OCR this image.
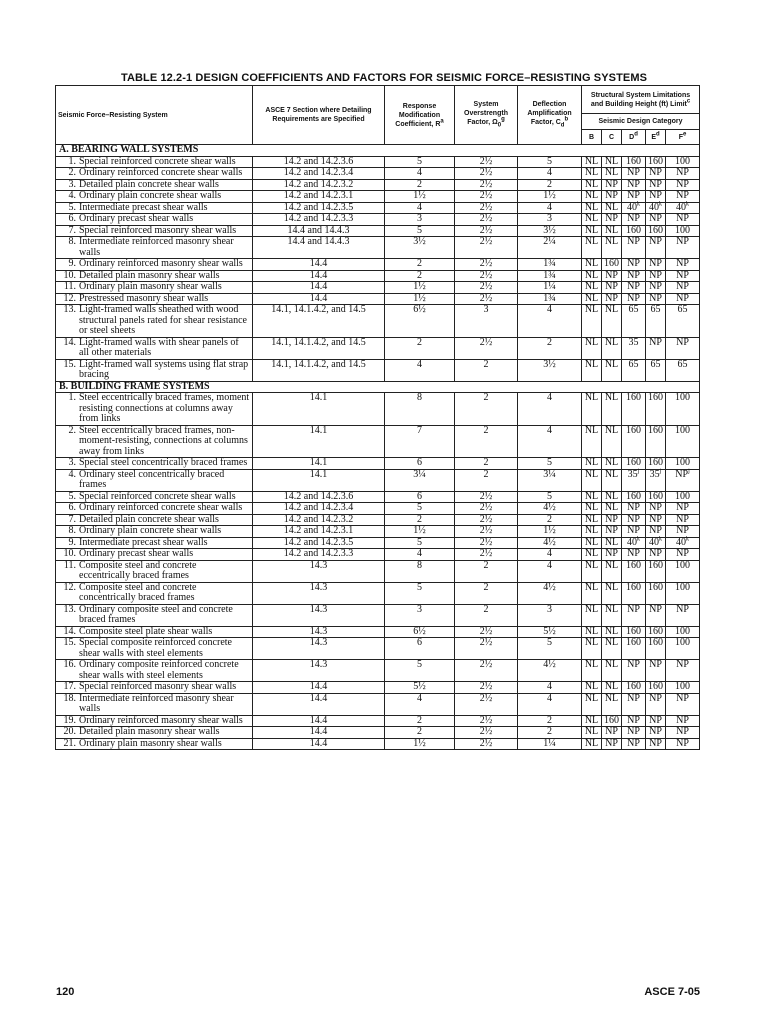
TABLE 12.2-1 DESIGN COEFFICIENTS AND FACTORS FOR SEISMIC FORCE–RESISTING SYSTEMS
Seismic Force–Resisting System	ASCE 7 Section where Detailing Requirements are Specified	Response Modification Coefficient, $R^a$	System Overstrength Factor, $\Omega_0^g$	Deflection Amplification Factor, $C_d^b$	Structural System Limitations and Building Height (ft) Limit$^c$
					Seismic Design Category				
					B	C	$D^d$	$E^d$	$F^e$
A. BEARING WALL SYSTEMS									

1. Special reinforced concrete shear walls	14.2 and 14.2.3.6	5	2½	5	NL	NL	160	160	100

2. Ordinary reinforced concrete shear walls	14.2 and 14.2.3.4	4	2½	4	NL	NL	NP	NP	NP

3. Detailed plain concrete shear walls	14.2 and 14.2.3.2	2	2½	2	NL	NP	NP	NP	NP

4. Ordinary plain concrete shear walls	14.2 and 14.2.3.1	1½	2½	1½	NL	NP	NP	NP	NP

5. Intermediate precast shear walls	14.2 and 14.2.3.5	4	2½	4	NL	NL	40$^k$	40$^k$	40$^k$

6. Ordinary precast shear walls	14.2 and 14.2.3.3	3	2½	3	NL	NP	NP	NP	NP

7. Special reinforced masonry shear walls	14.4 and 14.4.3	5	2½	3½	NL	NL	160	160	100

8. Intermediate reinforced masonry shear walls	14.4 and 14.4.3	3½	2½	2¼	NL	NL	NP	NP	NP

9. Ordinary reinforced masonry shear walls	14.4	2	2½	1¾	NL	160	NP	NP	NP

10. Detailed plain masonry shear walls	14.4	2	2½	1¾	NL	NP	NP	NP	NP

11. Ordinary plain masonry shear walls	14.4	1½	2½	1¼	NL	NP	NP	NP	NP

12. Prestressed masonry shear walls	14.4	1½	2½	1¾	NL	NP	NP	NP	NP

13. Light-framed walls sheathed with wood structural panels rated for shear resistance or steel sheets	14.1, 14.1.4.2, and 14.5	6½	3	4	NL	NL	65	65	65

14. Light-framed walls with shear panels of all other materials	14.1, 14.1.4.2, and 14.5	2	2½	2	NL	NL	35	NP	NP

15. Light-framed wall systems using flat strap bracing	14.1, 14.1.4.2, and 14.5	4	2	3½	NL	NL	65	65	65
B. BUILDING FRAME SYSTEMS									

1. Steel eccentrically braced frames, moment resisting connections at columns away from links	14.1	8	2	4	NL	NL	160	160	100

2. Steel eccentrically braced frames, non-moment-resisting, connections at columns away from links	14.1	7	2	4	NL	NL	160	160	100

3. Special steel concentrically braced frames	14.1	6	2	5	NL	NL	160	160	100

4. Ordinary steel concentrically braced frames	14.1	3¼	2	3¼	NL	NL	35$^j$	35$^j$	$NP^j$

5. Special reinforced concrete shear walls	14.2 and 14.2.3.6	6	2½	5	NL	NL	160	160	100

6. Ordinary reinforced concrete shear walls	14.2 and 14.2.3.4	5	2½	4½	NL	NL	NP	NP	NP

7. Detailed plain concrete shear walls	14.2 and 14.2.3.2	2	2½	2	NL	NP	NP	NP	NP

8. Ordinary plain concrete shear walls	14.2 and 14.2.3.1	1½	2½	1½	NL	NP	NP	NP	NP

9. Intermediate precast shear walls	14.2 and 14.2.3.5	5	2½	4½	NL	NL	40$^k$	40$^k$	40$^k$

10. Ordinary precast shear walls	14.2 and 14.2.3.3	4	2½	4	NL	NP	NP	NP	NP

11. Composite steel and concrete eccentrically braced frames	14.3	8	2	4	NL	NL	160	160	100

12. Composite steel and concrete concentrically braced frames	14.3	5	2	4½	NL	NL	160	160	100

13. Ordinary composite steel and concrete braced frames	14.3	3	2	3	NL	NL	NP	NP	NP

14. Composite steel plate shear walls	14.3	6½	2½	5½	NL	NL	160	160	100

15. Special composite reinforced concrete shear walls with steel elements	14.3	6	2½	5	NL	NL	160	160	100

16. Ordinary composite reinforced concrete shear walls with steel elements	14.3	5	2½	4½	NL	NL	NP	NP	NP

17. Special reinforced masonry shear walls	14.4	5½	2½	4	NL	NL	160	160	100

18. Intermediate reinforced masonry shear walls	14.4	4	2½	4	NL	NL	NP	NP	NP

19. Ordinary reinforced masonry shear walls	14.4	2	2½	2	NL	160	NP	NP	NP

20. Detailed plain masonry shear walls	14.4	2	2½	2	NL	NP	NP	NP	NP

21. Ordinary plain masonry shear walls	14.4	1½	2½	1¼	NL	NP	NP	NP	NP
120	ASCE 7-05
